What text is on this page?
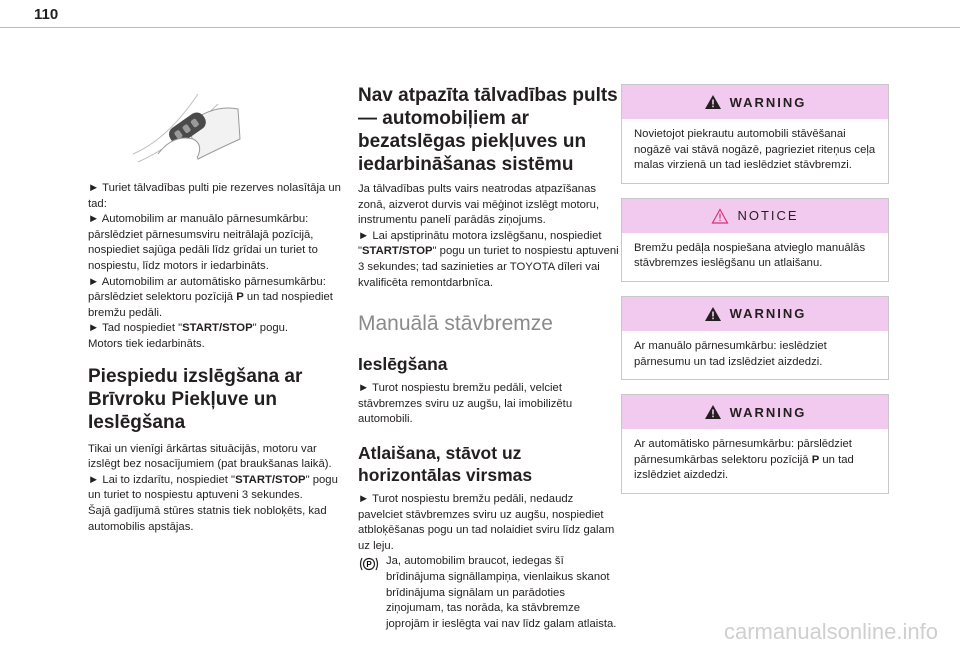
110

► Turiet tālvadības pulti pie rezerves nolasītāja un tad:

► Automobilim ar manuālo pārnesumkārbu: pārslēdziet pārnesumsviru neitrālajā pozīcijā, nospiediet sajūga pedāli līdz grīdai un turiet to nospiestu, līdz motors ir iedarbināts.

► Automobilim ar automātisko pārnesumkārbu: pārslēdziet selektoru pozīcijā P un tad nospiediet bremžu pedāli.

► Tad nospiediet "START/STOP" pogu.

Motors tiek iedarbināts.

Piespiedu izslēgšana ar Brīvroku Piekļuve un Ieslēgšana

Tikai un vienīgi ārkārtas situācijās, motoru var izslēgt bez nosacījumiem (pat braukšanas laikā).

► Lai to izdarītu, nospiediet "START/STOP" pogu un turiet to nospiestu aptuveni 3 sekundes.

Šajā gadījumā stūres statnis tiek nobloķēts, kad automobilis apstājas.

Nav atpazīta tālvadības pults — automobiļiem ar bezatslēgas piekļuves un iedarbināšanas sistēmu

Ja tālvadības pults vairs neatrodas atpazīšanas zonā, aizverot durvis vai mēģinot izslēgt motoru, instrumentu panelī parādās ziņojums.

► Lai apstiprinātu motora izslēgšanu, nospiediet "START/STOP" pogu un turiet to nospiestu aptuveni 3 sekundes; tad sazinieties ar TOYOTA dīleri vai kvalificēta remontdarbnīca.

Manuālā stāvbremze
Ieslēgšana

► Turot nospiestu bremžu pedāli, velciet stāvbremzes sviru uz augšu, lai imobilizētu automobili.

Atlaišana, stāvot uz horizontālas virsmas

► Turot nospiestu bremžu pedāli, nedaudz pavelciet stāvbremzes sviru uz augšu, nospiediet atbloķēšanas pogu un tad nolaidiet sviru līdz galam uz leju.

P Ja, automobilim braucot, iedegas šī brīdinājuma signāllampiņa, vienlaikus skanot brīdinājuma signālam un parādoties ziņojumam, tas norāda, ka stāvbremze joprojām ir ieslēgta vai nav līdz galam atlaista.

WARNING
Novietojot piekrautu automobili stāvēšanai nogāzē vai stāvā nogāzē, pagrieziet riteņus ceļa malas virzienā un tad ieslēdziet stāvbremzi.
NOTICE
Bremžu pedāļa nospiešana atvieglo manuālās stāvbremzes ieslēgšanu un atlaišanu.
WARNING
Ar manuālo pārnesumkārbu: ieslēdziet pārnesumu un tad izslēdziet aizdedzi.
WARNING
Ar automātisko pārnesumkārbu: pārslēdziet pārnesumkārbas selektoru pozīcijā P un tad izslēdziet aizdedzi.
carmanualsonline.info
